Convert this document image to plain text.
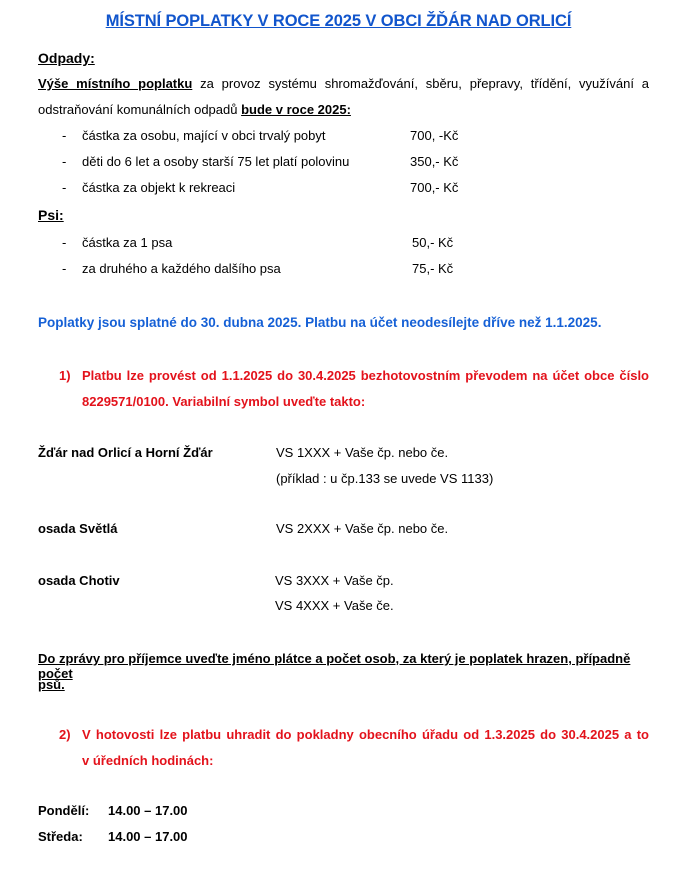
MÍSTNÍ POPLATKY V ROCE 2025 V OBCI ŽĎÁR NAD ORLICÍ
Odpady:
Výše místního poplatku za provoz systému shromažďování, sběru, přepravy, třídění, využívání a odstraňování komunálních odpadů bude v roce 2025:
- částka za osobu, mající v obci trvalý pobyt	700, -Kč
- děti do 6 let a osoby starší 75 let platí polovinu	350,- Kč
- částka za objekt k rekreaci	700,- Kč
Psi:
- částka za 1 psa	50,- Kč
- za druhého a každého dalšího psa	75,- Kč
Poplatky jsou splatné do 30. dubna 2025. Platbu na účet neodesílejte dříve než 1.1.2025.
1) Platbu lze provést od 1.1.2025 do 30.4.2025 bezhotovostním převodem na účet obce číslo
8229571/0100. Variabilní symbol uveďte takto:
Žďár nad Orlicí a Horní Žďár	VS 1XXX + Vaše čp. nebo če.
(příklad : u čp.133 se uvede VS 1133)
osada Světlá	VS 2XXX + Vaše čp. nebo če.
osada Chotiv	VS 3XXX + Vaše čp.
VS 4XXX + Vaše če.
Do zprávy pro příjemce uveďte jméno plátce a počet osob, za který je poplatek hrazen, případně počet
psů.
2) V hotovosti lze platbu uhradit do pokladny obecního úřadu od 1.3.2025 do 30.4.2025 a to
v úředních hodinách:
Pondělí: 14.00 – 17.00
Středa: 14.00 – 17.00
